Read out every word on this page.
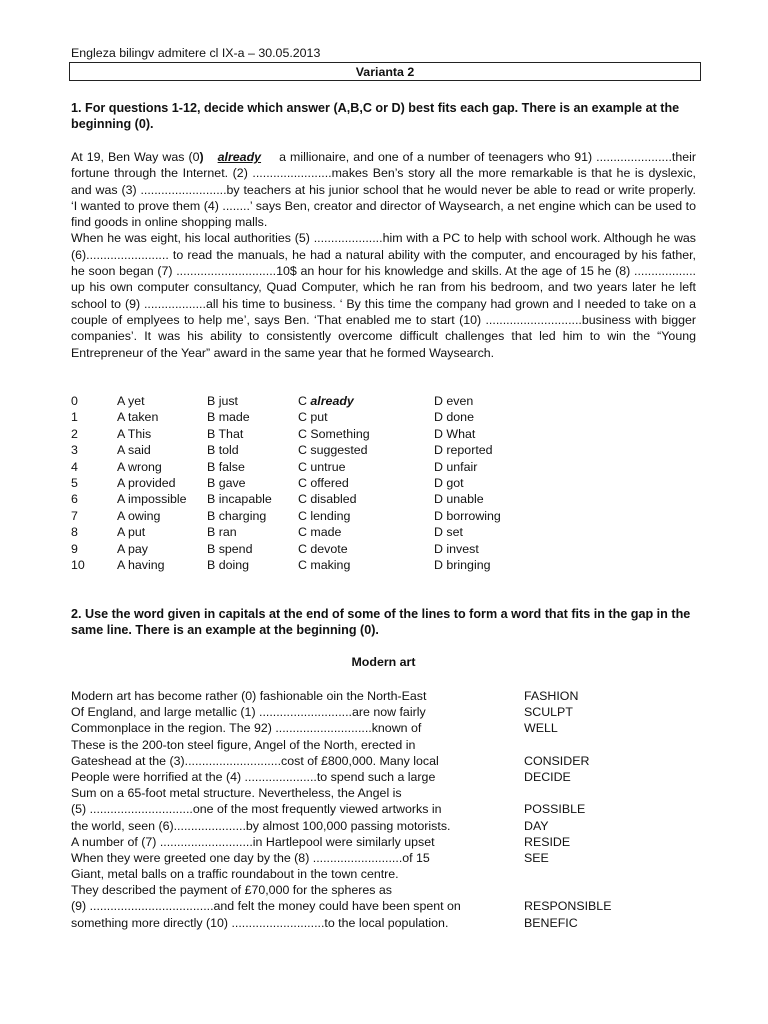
Engleza bilingv admitere cl IX-a – 30.05.2013
Varianta 2
1. For questions 1-12, decide which answer (A,B,C or D) best fits each gap. There is an example at the beginning (0).

At 19, Ben Way was (0) already a millionaire, and one of a number of teenagers who 91) ......................their fortune through the Internet. (2) .......................makes Ben’s story all the more remarkable is that he is dyslexic, and was (3) .........................by teachers at his junior school that he would never be able to read or write properly. ‘I wanted to prove them (4) ........’ says Ben, creator and director of Waysearch, a net engine which can be used to find goods in online shopping malls.

When he was eight, his local authorities (5) ....................him with a PC to help with school work. Although he was (6)........................ to read the manuals, he had a natural ability with the computer, and encouraged by his father, he soon began (7) .............................10$ an hour for his knowledge and skills. At the age of 15 he (8) .................. up his own computer consultancy, Quad Computer, which he ran from his bedroom, and two years later he left school to (9) ..................all his time to business. ‘ By this time the company had grown and I needed to take on a couple of emplyees to help me’, says Ben. ‘That enabled me to start (10) ............................business with bigger companies’. It was his ability to consistently overcome difficult challenges that led him to win the “Young Entrepreneur of the Year” award in the same year that he formed Waysearch.

0	A yet	B just	C already	D even
1	A taken	B made	C put	D done
2	A This	B That	C Something	D What
3	A said	B told	C suggested	D reported
4	A wrong	B false	C untrue	D unfair
5	A provided	B gave	C offered	D got
6	A impossible	B incapable	C disabled	D unable
7	A owing	B charging	C lending	D borrowing
8	A put	B ran	C made	D set
9	A pay	B spend	C devote	D invest
10	A having	B doing	C making	D bringing
2. Use the word given in capitals at the end of some of the lines to form a word that fits in the gap in the same line. There is an example at the beginning (0).
Modern art
Modern art has become rather (0) fashionable oin the North-East	FASHION
Of England, and large metallic (1) ...........................are now fairly	SCULPT
Commonplace in the region. The 92) ............................known of	WELL
These is the 200-ton steel figure, Angel of the North, erected in
Gateshead at the (3)............................cost of £800,000. Many local	CONSIDER
People were horrified at the (4) .....................to spend such a large	DECIDE
Sum on a 65-foot metal structure. Nevertheless, the Angel is
(5) ..............................one of the most frequently viewed artworks in	POSSIBLE
the world, seen (6).....................by almost 100,000 passing motorists.	DAY
A number of (7) ...........................in Hartlepool were similarly upset	RESIDE
When they were greeted one day by the (8) ..........................of 15	SEE
Giant, metal balls on a traffic roundabout in the town centre.
They described the payment of £70,000 for the spheres as
(9) ....................................and felt the money could have been spent on	RESPONSIBLE
something more directly (10) ...........................to the local population.	BENEFIC
